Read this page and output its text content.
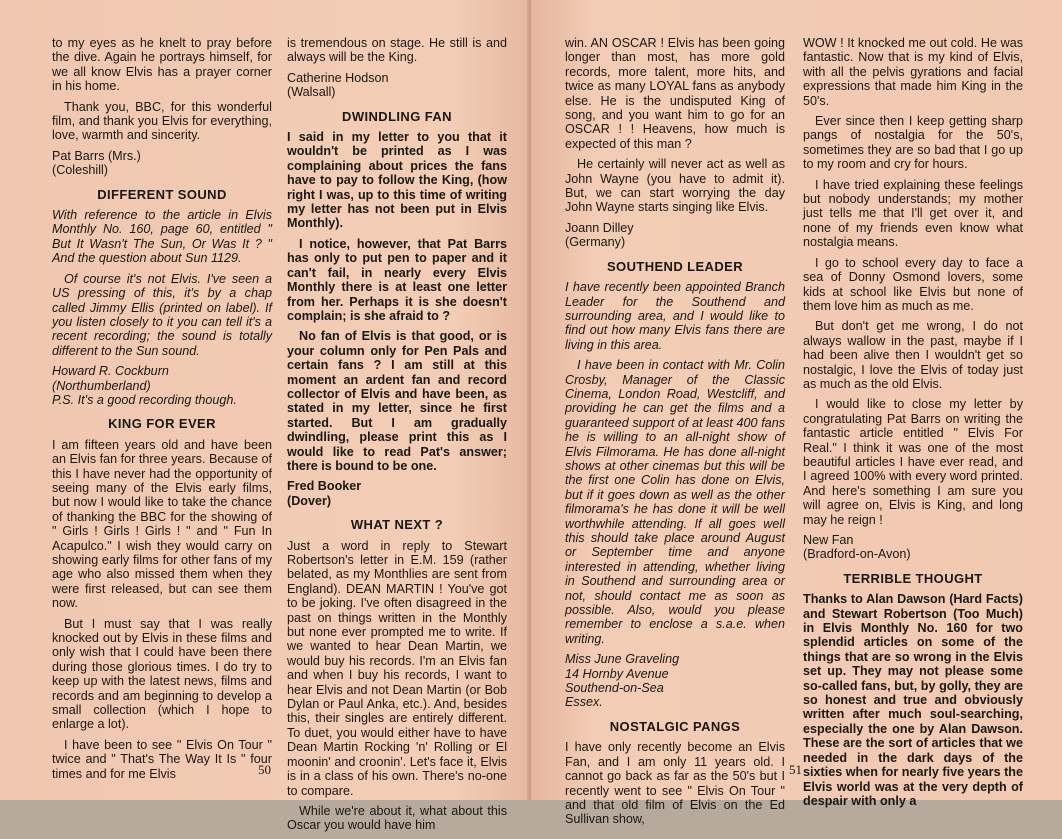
to my eyes as he knelt to pray before the dive. Again he portrays himself, for we all know Elvis has a prayer corner in his home.

Thank you, BBC, for this wonderful film, and thank you Elvis for everything, love, warmth and sincerity.

Pat Barrs (Mrs.)
(Coleshill)

DIFFERENT SOUND

With reference to the article in Elvis Monthly No. 160, page 60, entitled " But It Wasn't The Sun, Or Was It ? " And the question about Sun 1129.

Of course it's not Elvis. I've seen a US pressing of this, it's by a chap called Jimmy Ellis (printed on label). If you listen closely to it you can tell it's a recent recording; the sound is totally different to the Sun sound.

Howard R. Cockburn
(Northumberland)
P.S. It's a good recording though.

KING FOR EVER

I am fifteen years old and have been an Elvis fan for three years. Because of this I have never had the opportunity of seeing many of the Elvis early films, but now I would like to take the chance of thanking the BBC for the showing of " Girls ! Girls ! Girls ! " and " Fun In Acapulco." I wish they would carry on showing early films for other fans of my age who also missed them when they were first released, but can see them now.

But I must say that I was really knocked out by Elvis in these films and only wish that I could have been there during those glorious times. I do try to keep up with the latest news, films and records and am beginning to develop a small collection (which I hope to enlarge a lot).

I have been to see " Elvis On Tour " twice and " That's The Way It Is " four times and for me Elvis

is tremendous on stage. He still is and always will be the King.

Catherine Hodson
(Walsall)

DWINDLING FAN

I said in my letter to you that it wouldn't be printed as I was complaining about prices the fans have to pay to follow the King, (how right I was, up to this time of writing my letter has not been put in Elvis Monthly).

I notice, however, that Pat Barrs has only to put pen to paper and it can't fail, in nearly every Elvis Monthly there is at least one letter from her. Perhaps it is she doesn't complain; is she afraid to ?

No fan of Elvis is that good, or is your column only for Pen Pals and certain fans ? I am still at this moment an ardent fan and record collector of Elvis and have been, as stated in my letter, since he first started. But I am gradually dwindling, please print this as I would like to read Pat's answer; there is bound to be one.

Fred Booker
(Dover)

WHAT NEXT ?

Just a word in reply to Stewart Robertson's letter in E.M. 159 (rather belated, as my Monthlies are sent from England). DEAN MARTIN ! You've got to be joking. I've often disagreed in the past on things written in the Monthly but none ever prompted me to write. If we wanted to hear Dean Martin, we would buy his records. I'm an Elvis fan and when I buy his records, I want to hear Elvis and not Dean Martin (or Bob Dylan or Paul Anka, etc.). And, besides this, their singles are entirely different. To duet, you would either have to have Dean Martin Rocking 'n' Rolling or El moonin' and croonin'. Let's face it, Elvis is in a class of his own. There's no-one to compare.

While we're about it, what about this Oscar you would have him

50

win. AN OSCAR ! Elvis has been going longer than most, has more gold records, more talent, more hits, and twice as many LOYAL fans as anybody else. He is the undisputed King of song, and you want him to go for an OSCAR ! ! Heavens, how much is expected of this man ?

He certainly will never act as well as John Wayne (you have to admit it). But, we can start worrying the day John Wayne starts singing like Elvis.

Joann Dilley
(Germany)

SOUTHEND LEADER

I have recently been appointed Branch Leader for the Southend and surrounding area, and I would like to find out how many Elvis fans there are living in this area.

I have been in contact with Mr. Colin Crosby, Manager of the Classic Cinema, London Road, Westcliff, and providing he can get the films and a guaranteed support of at least 400 fans he is willing to an all-night show of Elvis Filmorama. He has done all-night shows at other cinemas but this will be the first one Colin has done on Elvis, but if it goes down as well as the other filmorama's he has done it will be well worthwhile attending. If all goes well this should take place around August or September time and anyone interested in attending, whether living in Southend and surrounding area or not, should contact me as soon as possible. Also, would you please remember to enclose a s.a.e. when writing.

Miss June Graveling
14 Hornby Avenue
Southend-on-Sea
Essex.

NOSTALGIC PANGS

I have only recently become an Elvis Fan, and I am only 11 years old. I cannot go back as far as the 50's but I recently went to see " Elvis On Tour " and that old film of Elvis on the Ed Sullivan show,

WOW ! It knocked me out cold. He was fantastic. Now that is my kind of Elvis, with all the pelvis gyrations and facial expressions that made him King in the 50's.

Ever since then I keep getting sharp pangs of nostalgia for the 50's, sometimes they are so bad that I go up to my room and cry for hours.

I have tried explaining these feelings but nobody understands; my mother just tells me that I'll get over it, and none of my friends even know what nostalgia means.

I go to school every day to face a sea of Donny Osmond lovers, some kids at school like Elvis but none of them love him as much as me.

But don't get me wrong, I do not always wallow in the past, maybe if I had been alive then I wouldn't get so nostalgic, I love the Elvis of today just as much as the old Elvis.

I would like to close my letter by congratulating Pat Barrs on writing the fantastic article entitled " Elvis For Real." I think it was one of the most beautiful articles I have ever read, and I agreed 100% with every word printed. And here's something I am sure you will agree on, Elvis is King, and long may he reign !

New Fan
(Bradford-on-Avon)

TERRIBLE THOUGHT

Thanks to Alan Dawson (Hard Facts) and Stewart Robertson (Too Much) in Elvis Monthly No. 160 for two splendid articles on some of the things that are so wrong in the Elvis set up. They may not please some so-called fans, but, by golly, they are so honest and true and obviously written after much soul-searching, especially the one by Alan Dawson. These are the sort of articles that we needed in the dark days of the sixties when for nearly five years the Elvis world was at the very depth of despair with only a

51
